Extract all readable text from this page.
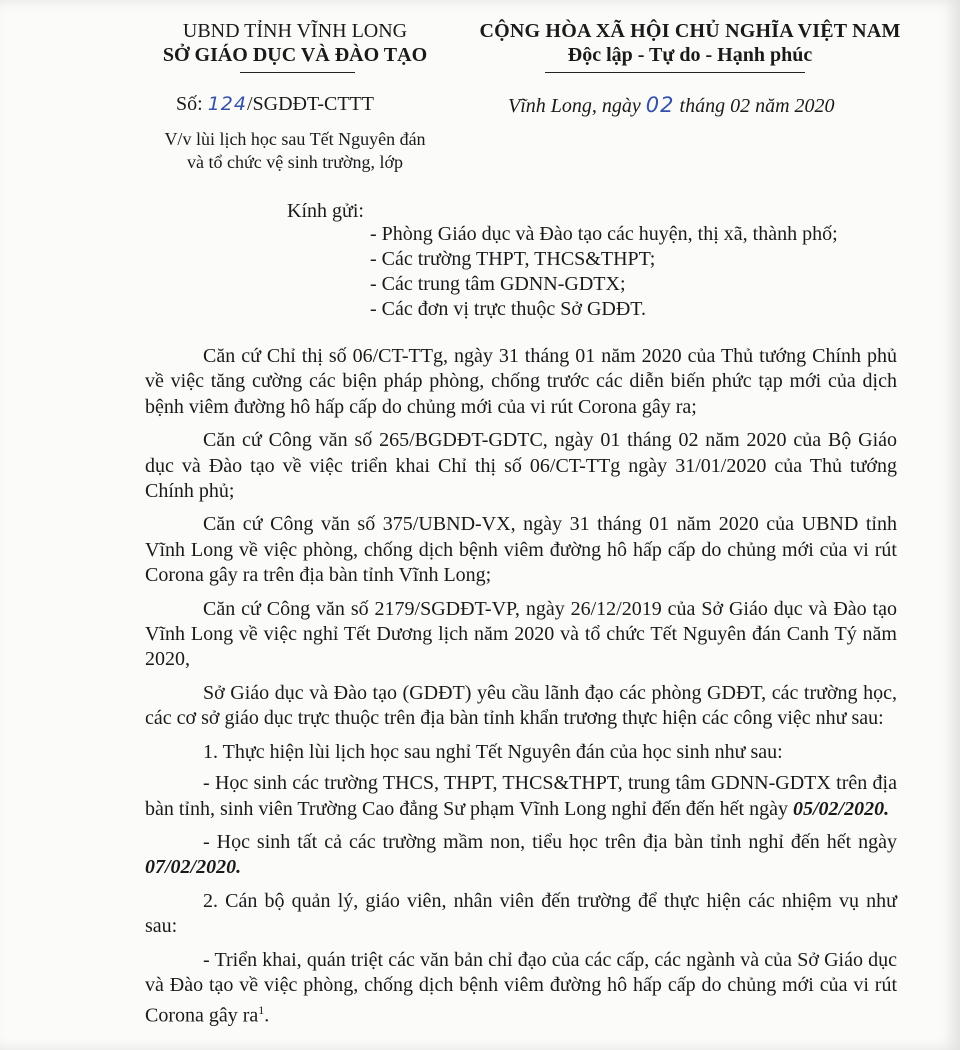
UBND TỈNH VĨNH LONG
SỞ GIÁO DỤC VÀ ĐÀO TẠO
CỘNG HÒA XÃ HỘI CHỦ NGHĨA VIỆT NAM
Độc lập - Tự do - Hạnh phúc
Số: 124/SGDĐT-CTTT	Vĩnh Long, ngày 02 tháng 02 năm 2020
V/v lùi lịch học sau Tết Nguyên đán
và tổ chức vệ sinh trường, lớp
Kính gửi:
- Phòng Giáo dục và Đào tạo các huyện, thị xã, thành phố;
- Các trường THPT, THCS&THPT;
- Các trung tâm GDNN-GDTX;
- Các đơn vị trực thuộc Sở GDĐT.

Căn cứ Chỉ thị số 06/CT-TTg, ngày 31 tháng 01 năm 2020 của Thủ tướng Chính phủ về việc tăng cường các biện pháp phòng, chống trước các diễn biến phức tạp mới của dịch bệnh viêm đường hô hấp cấp do chủng mới của vi rút Corona gây ra;

Căn cứ Công văn số 265/BGDĐT-GDTC, ngày 01 tháng 02 năm 2020 của Bộ Giáo dục và Đào tạo về việc triển khai Chỉ thị số 06/CT-TTg ngày 31/01/2020 của Thủ tướng Chính phủ;

Căn cứ Công văn số 375/UBND-VX, ngày 31 tháng 01 năm 2020 của UBND tỉnh Vĩnh Long về việc phòng, chống dịch bệnh viêm đường hô hấp cấp do chủng mới của vi rút Corona gây ra trên địa bàn tỉnh Vĩnh Long;

Căn cứ Công văn số 2179/SGDĐT-VP, ngày 26/12/2019 của Sở Giáo dục và Đào tạo Vĩnh Long về việc nghỉ Tết Dương lịch năm 2020 và tổ chức Tết Nguyên đán Canh Tý năm 2020,

Sở Giáo dục và Đào tạo (GDĐT) yêu cầu lãnh đạo các phòng GDĐT, các trường học, các cơ sở giáo dục trực thuộc trên địa bàn tỉnh khẩn trương thực hiện các công việc như sau:

1. Thực hiện lùi lịch học sau nghỉ Tết Nguyên đán của học sinh như sau:

- Học sinh các trường THCS, THPT, THCS&THPT, trung tâm GDNN-GDTX trên địa bàn tỉnh, sinh viên Trường Cao đẳng Sư phạm Vĩnh Long nghỉ đến đến hết ngày 05/02/2020.

- Học sinh tất cả các trường mầm non, tiểu học trên địa bàn tỉnh nghỉ đến hết ngày 07/02/2020.

2. Cán bộ quản lý, giáo viên, nhân viên đến trường để thực hiện các nhiệm vụ như sau:

- Triển khai, quán triệt các văn bản chỉ đạo của các cấp, các ngành và của Sở Giáo dục và Đào tạo về việc phòng, chống dịch bệnh viêm đường hô hấp cấp do chủng mới của vi rút Corona gây $ra^1$.
